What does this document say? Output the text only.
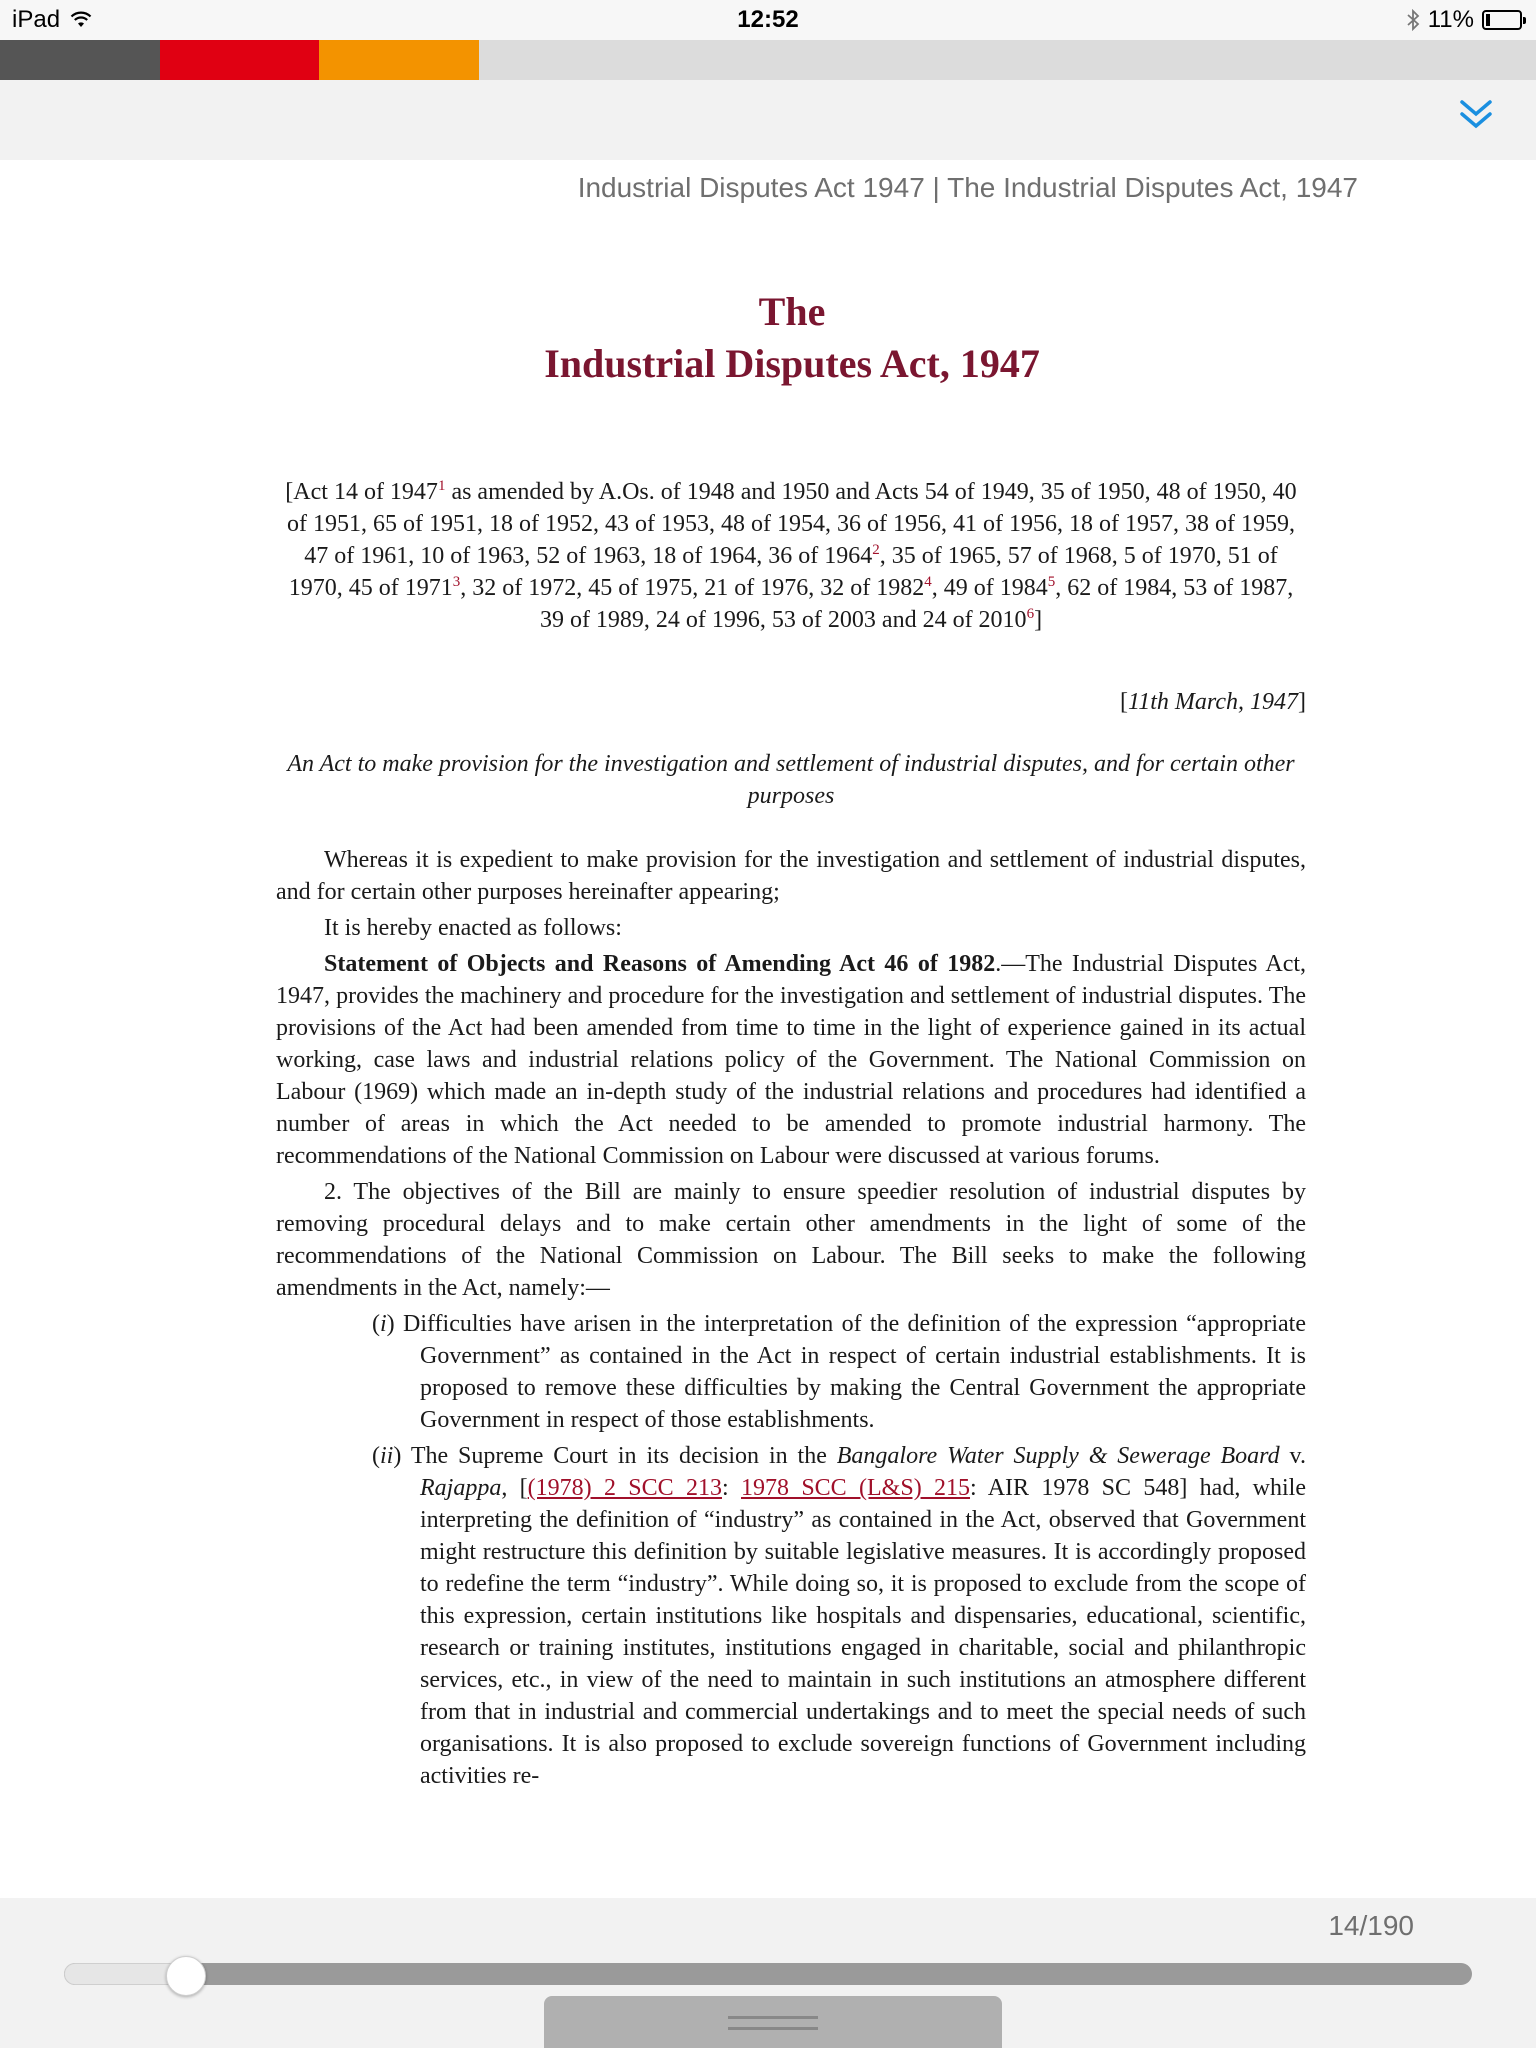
iPad	12:52	11%
Industrial Disputes Act 1947 | The Industrial Disputes Act, 1947
The
Industrial Disputes Act, 1947
[Act 14 of 1947$^1$ as amended by A.Os. of 1948 and 1950 and Acts 54 of 1949, 35 of 1950, 48 of 1950, 40 of 1951, 65 of 1951, 18 of 1952, 43 of 1953, 48 of 1954, 36 of 1956, 41 of 1956, 18 of 1957, 38 of 1959, 47 of 1961, 10 of 1963, 52 of 1963, 18 of 1964, 36 of 1964$^2$, 35 of 1965, 57 of 1968, 5 of 1970, 51 of 1970, 45 of 1971$^3$, 32 of 1972, 45 of 1975, 21 of 1976, 32 of 1982$^4$, 49 of 1984$^5$, 62 of 1984, 53 of 1987, 39 of 1989, 24 of 1996, 53 of 2003 and 24 of 2010$^6$]
[11th March, 1947]
An Act to make provision for the investigation and settlement of industrial disputes, and for certain other purposes

Whereas it is expedient to make provision for the investigation and settlement of industrial disputes, and for certain other purposes hereinafter appearing;

It is hereby enacted as follows:

Statement of Objects and Reasons of Amending Act 46 of 1982.—The Industrial Disputes Act, 1947, provides the machinery and procedure for the investigation and settlement of industrial disputes. The provisions of the Act had been amended from time to time in the light of experience gained in its actual working, case laws and industrial relations policy of the Government. The National Commission on Labour (1969) which made an in-depth study of the industrial relations and procedures had identified a number of areas in which the Act needed to be amended to promote industrial harmony. The recommendations of the National Commission on Labour were discussed at various forums.

2. The objectives of the Bill are mainly to ensure speedier resolution of industrial disputes by removing procedural delays and to make certain other amendments in the light of some of the recommendations of the National Commission on Labour. The Bill seeks to make the following amendments in the Act, namely:—

(i) Difficulties have arisen in the interpretation of the definition of the expression “appropriate Government” as contained in the Act in respect of certain industrial establishments. It is proposed to remove these difficulties by making the Central Government the appropriate Government in respect of those establishments.
(ii) The Supreme Court in its decision in the Bangalore Water Supply & Sewerage Board v. Rajappa, [(1978) 2 SCC 213: 1978 SCC (L&S) 215: AIR 1978 SC 548] had, while interpreting the definition of “industry” as contained in the Act, observed that Government might restructure this definition by suitable legislative measures. It is accordingly proposed to redefine the term “industry”. While doing so, it is proposed to exclude from the scope of this expression, certain institutions like hospitals and dispensaries, educational, scientific, research or training institutes, institutions engaged in charitable, social and philanthropic services, etc., in view of the need to maintain in such institutions an atmosphere different from that in industrial and commercial undertakings and to meet the special needs of such organisations. It is also proposed to exclude sovereign functions of Government including activities re-
14/190
